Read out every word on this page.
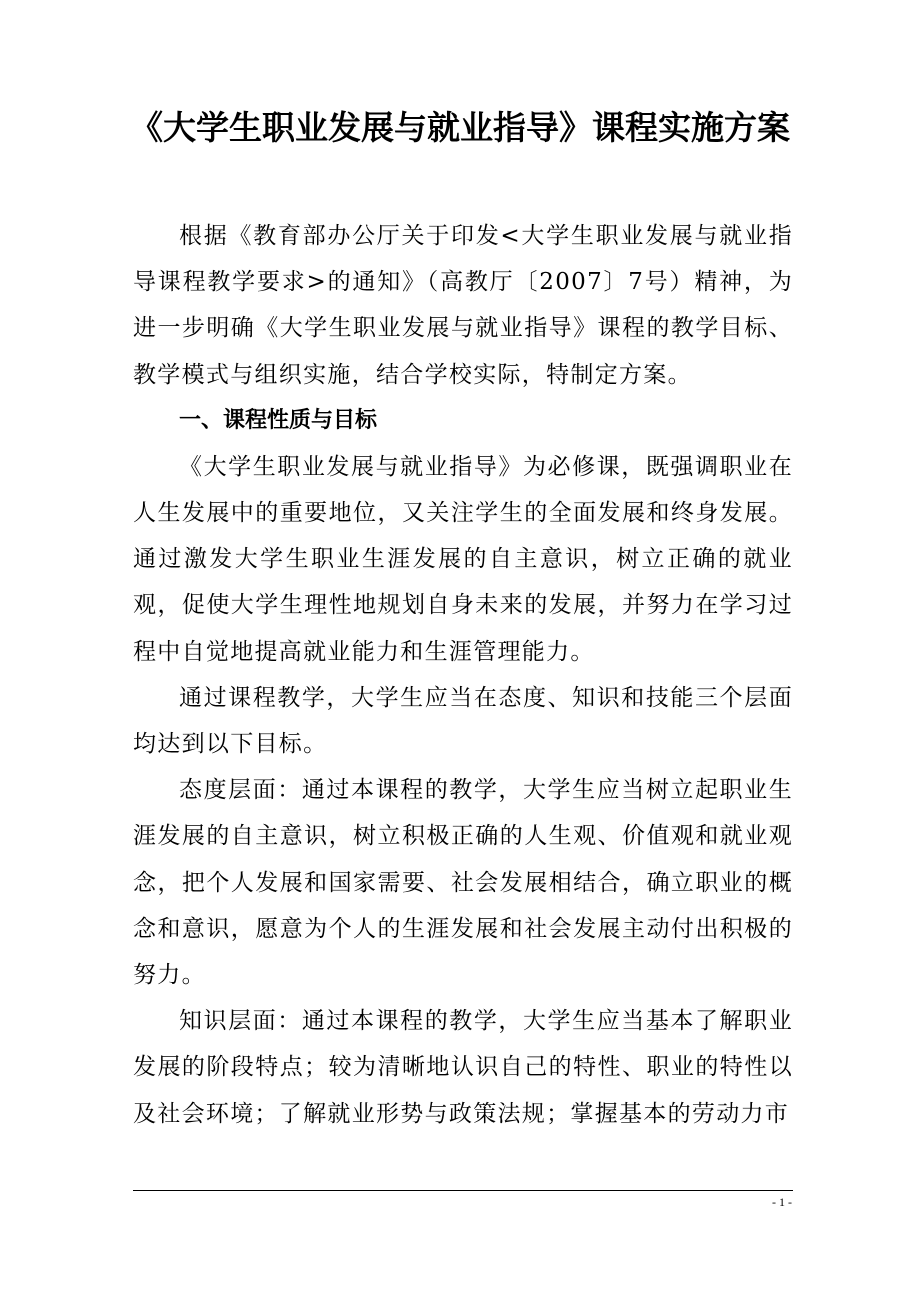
《大学生职业发展与就业指导》课程实施方案

根据《教育部办公厅关于印发<大学生职业发展与就业指导课程教学要求>的通知》（高教厅〔2007〕7号）精神，为进一步明确《大学生职业发展与就业指导》课程的教学目标、教学模式与组织实施，结合学校实际，特制定方案。

一、课程性质与目标

《大学生职业发展与就业指导》为必修课，既强调职业在人生发展中的重要地位，又关注学生的全面发展和终身发展。通过激发大学生职业生涯发展的自主意识，树立正确的就业观，促使大学生理性地规划自身未来的发展，并努力在学习过程中自觉地提高就业能力和生涯管理能力。

通过课程教学，大学生应当在态度、知识和技能三个层面均达到以下目标。

态度层面：通过本课程的教学，大学生应当树立起职业生涯发展的自主意识，树立积极正确的人生观、价值观和就业观念，把个人发展和国家需要、社会发展相结合，确立职业的概念和意识，愿意为个人的生涯发展和社会发展主动付出积极的努力。

知识层面：通过本课程的教学，大学生应当基本了解职业发展的阶段特点；较为清晰地认识自己的特性、职业的特性以及社会环境；了解就业形势与政策法规；掌握基本的劳动力市

- 1 -
